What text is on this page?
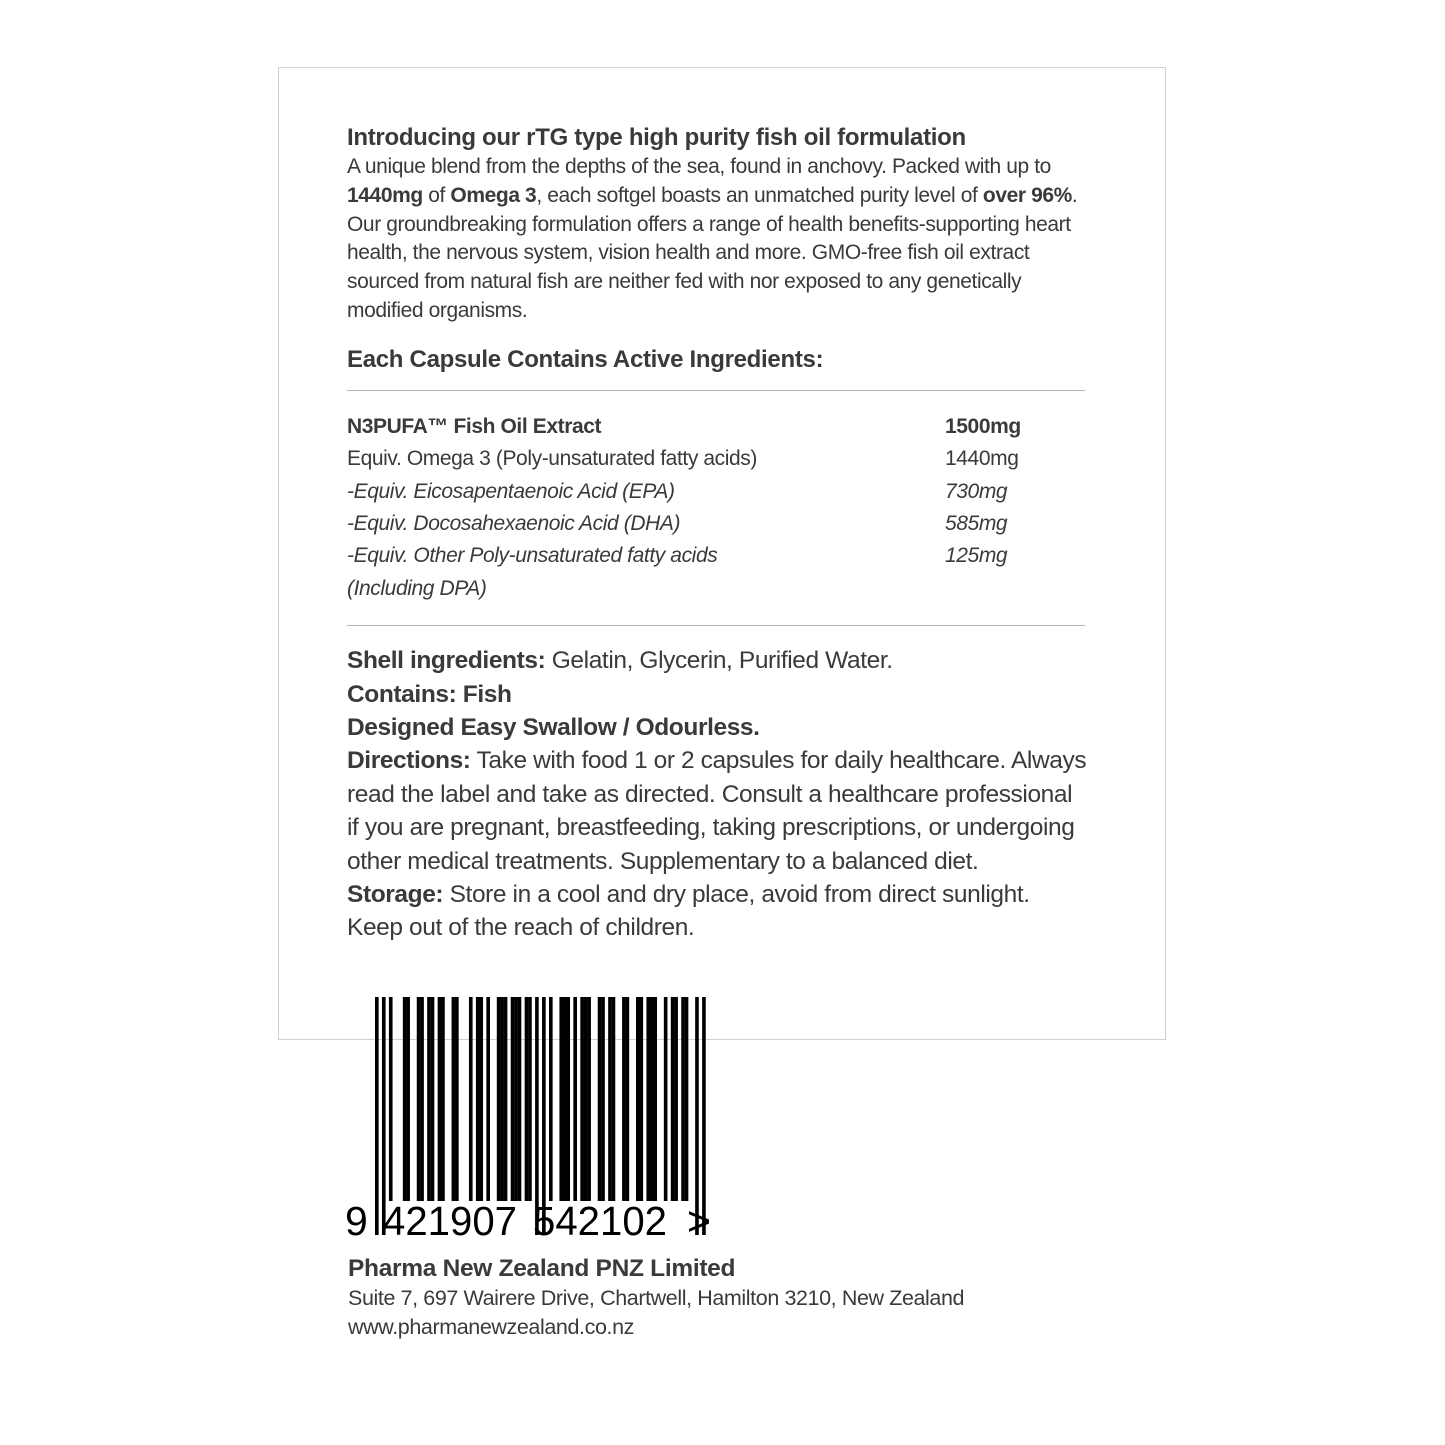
Introducing our rTG type high purity fish oil formulation

A unique blend from the depths of the sea, found in anchovy. Packed with up to 1440mg of Omega 3, each softgel boasts an unmatched purity level of over 96%. Our groundbreaking formulation offers a range of health benefits-supporting heart health, the nervous system, vision health and more. GMO-free fish oil extract sourced from natural fish are neither fed with nor exposed to any genetically modified organisms.

Each Capsule Contains Active Ingredients:
N3PUFA™ Fish Oil Extract	1500mg
Equiv. Omega 3 (Poly-unsaturated fatty acids)	1440mg
-Equiv. Eicosapentaenoic Acid (EPA)	730mg
-Equiv. Docosahexaenoic Acid (DHA)	585mg
-Equiv. Other Poly-unsaturated fatty acids	125mg
(Including DPA)

Shell ingredients: Gelatin, Glycerin, Purified Water.

Contains: Fish

Designed Easy Swallow / Odourless.

Directions: Take with food 1 or 2 capsules for daily healthcare. Always read the label and take as directed. Consult a healthcare professional if you are pregnant, breastfeeding, taking prescriptions, or undergoing other medical treatments. Supplementary to a balanced diet.

Storage: Store in a cool and dry place, avoid from direct sunlight. Keep out of the reach of children.

9 421907 542102 >

Pharma New Zealand PNZ Limited

Suite 7, 697 Wairere Drive, Chartwell, Hamilton 3210, New Zealand

www.pharmanewzealand.co.nz
